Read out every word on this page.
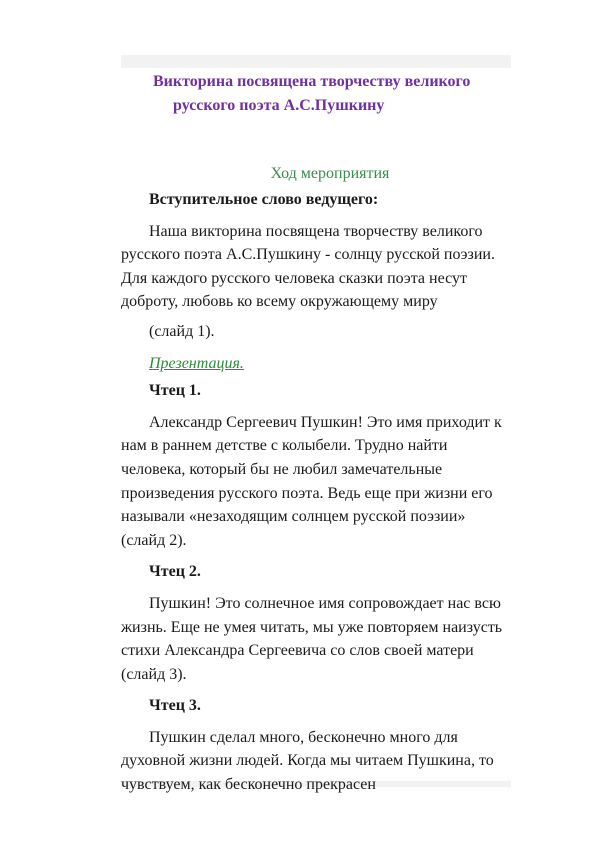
Викторина посвящена творчеству великого
русского поэта А.С.Пушкину
Ход мероприятия

Вступительное слово ведущего:

Наша викторина посвящена творчеству великого русского поэта А.С.Пушкину - солнцу русской поэзии. Для каждого русского человека сказки поэта несут доброту, любовь ко всему окружающему миру

(слайд 1).

Презентация.

Чтец 1.

Александр Сергеевич Пушкин! Это имя приходит к нам в раннем детстве с колыбели. Трудно найти человека, который бы не любил замечательные произведения русского поэта. Ведь еще при жизни его называли «незаходящим солнцем русской поэзии» (слайд 2).

Чтец 2.

Пушкин! Это солнечное имя сопровождает нас всю жизнь. Еще не умея читать, мы уже повторяем наизусть стихи Александра Сергеевича со слов своей матери (слайд 3).

Чтец 3.

Пушкин сделал много, бесконечно много для духовной жизни людей. Когда мы читаем Пушкина, то чувствуем, как бесконечно прекрасен
